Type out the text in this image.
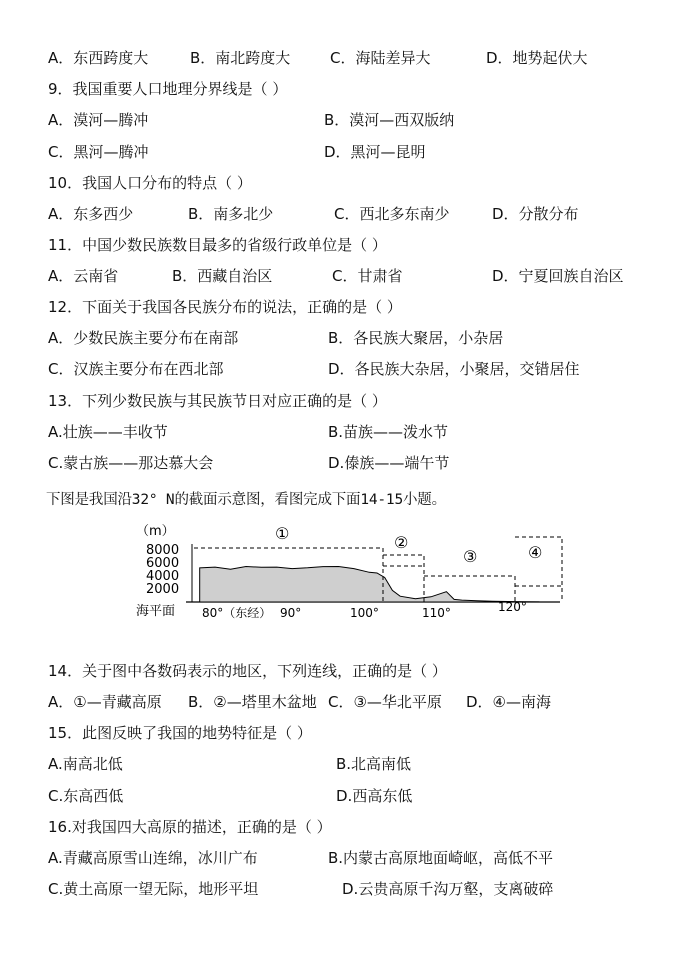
A．东西跨度大	B．南北跨度大	C．海陆差异大	D．地势起伏大
9．我国重要人口地理分界线是（ ）
A．漠河—腾冲	B．漠河—西双版纳
C．黑河—腾冲	D．黑河—昆明
10．我国人口分布的特点（ ）
A．东多西少	B．南多北少	C．西北多东南少	D．分散分布
11．中国少数民族数目最多的省级行政单位是（ ）
A．云南省	B．西藏自治区	C．甘肃省	D．宁夏回族自治区
12．下面关于我国各民族分布的说法，正确的是（ ）
A．少数民族主要分布在南部	B．各民族大聚居，小杂居
C．汉族主要分布在西北部	D．各民族大杂居，小聚居，交错居住
13．下列少数民族与其民族节日对应正确的是（ ）
A.壮族——丰收节	B.苗族——泼水节
C.蒙古族——那达慕大会	D.傣族——端午节
下图是我国沿32° N的截面示意图，看图完成下面14-15小题。
（m）
8000
6000
4000
2000
海平面
①	②
③	④
80°（东经） 90°	100°	110°	120°
14．关于图中各数码表示的地区，下列连线，正确的是（ ）
A．①—青藏高原 B．②—塔里木盆地 C．③—华北平原 D．④—南海
15．此图反映了我国的地势特征是（ ）
A.南高北低	B.北高南低
C.东高西低	D.西高东低
16.对我国四大高原的描述，正确的是（ ）
A.青藏高原雪山连绵，冰川广布	B.内蒙古高原地面崎岖，高低不平
C.黄土高原一望无际，地形平坦	D.云贵高原千沟万壑，支离破碎
